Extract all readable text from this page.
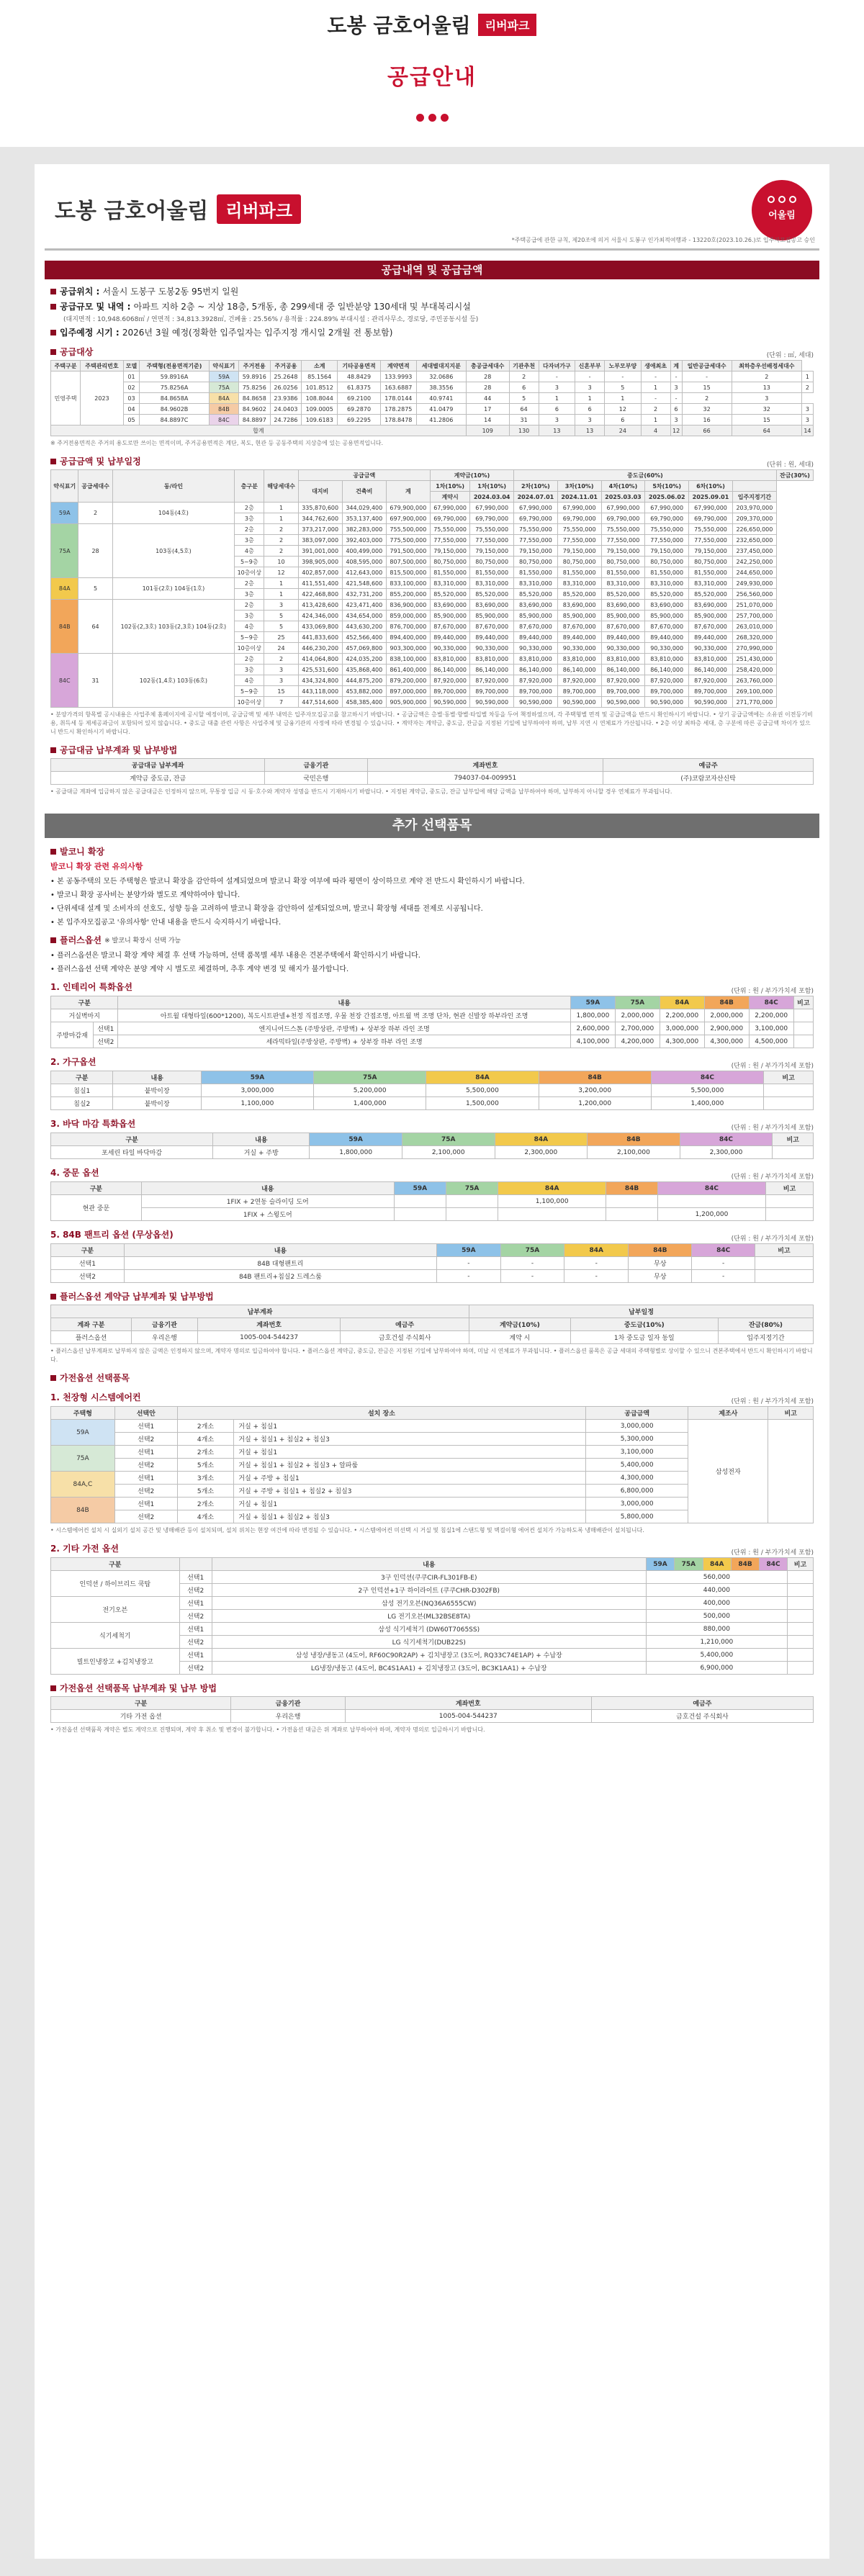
도봉 금호어울림	리버파크
공급안내
도봉 금호어울림	리버파크	어울림
*주택공급에 관한 규칙, 제20조에 의거 서울시 도봉구 인가최적여행과 - 13220호(2023.10.26.)로 입주자모집공고 승인
공급내역 및 공급금액
공급위치 : 서울시 도봉구 도봉2동 95번지 일원
공급규모 및 내역 : 아파트 지하 2층 ~ 지상 18층, 5개동, 총 299세대 중 일반분양 130세대 및 부대복리시설
(대지면적 : 10,948.6068㎡ / 연면적 : 34,813.3928㎡, 건폐율 : 25.56% / 용적률 : 224.89% 부대시설 : 관리사무소, 경로당, 주민공동시설 등)
입주예정 시기 : 2026년 3월 예정(정확한 입주일자는 입주지정 개시일 2개월 전 통보함)
공급대상	(단위 : ㎡, 세대)
주택구분	주택관리번호	모델	주택형(전용면적기준)	약식표기	주거전용	주거공용	소계	기타공용면적	계약면적	세대별대지지분	총공급세대수	기관추천	다자녀가구	신혼부부	노부모부양	생애최초	계	일반공급세대수	최하층우선배정세대수	
민영주택	2023	01	59.8916A	59A	59.8916	25.2648	85.1564	48.8429	133.9993	32.0686	28	2	-	-	-	-	-	-	2	1
		02	75.8256A	75A	75.8256	26.0256	101.8512	61.8375	163.6887	38.3556	28	6	3	3	5	1	3	15	13	2
		03	84.8658A	84A	84.8658	23.9386	108.8044	69.2100	178.0144	40.9741	44	5	1	1	1	-	-	2	3	
		04	84.9602B	84B	84.9602	24.0403	109.0005	69.2870	178.2875	41.0479	17	64	6	6	12	2	6	32	32	3
		05	84.8897C	84C	84.8897	24.7286	109.6183	69.2295	178.8478	41.2806	14	31	3	3	6	1	3	16	15	3
합계											109	130	13	13	24	4	12	66	64	14
※ 주거전용면적은 주거의 용도로만 쓰이는 면적이며, 주거공용면적은 계단, 복도, 현관 등 공동주택의 지상층에 있는 공용면적입니다.
공급금액 및 납부일정	(단위 : 원, 세대)
약식표기	공급세대수	동/라인	층구분	해당세대수	공급금액			계약금(10%)		중도금(60%)						잔금(30%)
					대지비	건축비	계	1차(10%)	1차(10%)	2차(10%)	3차(10%)	4차(10%)	5차(10%)	6차(10%)		
								계약시	2024.03.04	2024.07.01	2024.11.01	2025.03.03	2025.06.02	2025.09.01	입주지정기간	
59A	2	104동(4호)	2층	1	335,870,600	344,029,400	679,900,000	67,990,000	67,990,000	67,990,000	67,990,000	67,990,000	67,990,000	67,990,000	203,970,000	
			3층	1	344,762,600	353,137,400	697,900,000	69,790,000	69,790,000	69,790,000	69,790,000	69,790,000	69,790,000	69,790,000	209,370,000	
75A	28	103동(4,5호)	2층	2	373,217,000	382,283,000	755,500,000	75,550,000	75,550,000	75,550,000	75,550,000	75,550,000	75,550,000	75,550,000	226,650,000	
			3층	2	383,097,000	392,403,000	775,500,000	77,550,000	77,550,000	77,550,000	77,550,000	77,550,000	77,550,000	77,550,000	232,650,000	
			4층	2	391,001,000	400,499,000	791,500,000	79,150,000	79,150,000	79,150,000	79,150,000	79,150,000	79,150,000	79,150,000	237,450,000	
			5~9층	10	398,905,000	408,595,000	807,500,000	80,750,000	80,750,000	80,750,000	80,750,000	80,750,000	80,750,000	80,750,000	242,250,000	
			10층이상	12	402,857,000	412,643,000	815,500,000	81,550,000	81,550,000	81,550,000	81,550,000	81,550,000	81,550,000	81,550,000	244,650,000	
84A	5	101동(2호) 104동(1호)	2층	1	411,551,400	421,548,600	833,100,000	83,310,000	83,310,000	83,310,000	83,310,000	83,310,000	83,310,000	83,310,000	249,930,000	
			3층	1	422,468,800	432,731,200	855,200,000	85,520,000	85,520,000	85,520,000	85,520,000	85,520,000	85,520,000	85,520,000	256,560,000	
84B	64	102동(2,3호) 103동(2,3호) 104동(2호)	2층	3	413,428,600	423,471,400	836,900,000	83,690,000	83,690,000	83,690,000	83,690,000	83,690,000	83,690,000	83,690,000	251,070,000	
			3층	5	424,346,000	434,654,000	859,000,000	85,900,000	85,900,000	85,900,000	85,900,000	85,900,000	85,900,000	85,900,000	257,700,000	
			4층	5	433,069,800	443,630,200	876,700,000	87,670,000	87,670,000	87,670,000	87,670,000	87,670,000	87,670,000	87,670,000	263,010,000	
			5~9층	25	441,833,600	452,566,400	894,400,000	89,440,000	89,440,000	89,440,000	89,440,000	89,440,000	89,440,000	89,440,000	268,320,000	
			10층이상	24	446,230,200	457,069,800	903,300,000	90,330,000	90,330,000	90,330,000	90,330,000	90,330,000	90,330,000	90,330,000	270,990,000	
84C	31	102동(1,4호) 103동(6호)	2층	2	414,064,800	424,035,200	838,100,000	83,810,000	83,810,000	83,810,000	83,810,000	83,810,000	83,810,000	83,810,000	251,430,000	
			3층	3	425,531,600	435,868,400	861,400,000	86,140,000	86,140,000	86,140,000	86,140,000	86,140,000	86,140,000	86,140,000	258,420,000	
			4층	3	434,324,800	444,875,200	879,200,000	87,920,000	87,920,000	87,920,000	87,920,000	87,920,000	87,920,000	87,920,000	263,760,000	
			5~9층	15	443,118,000	453,882,000	897,000,000	89,700,000	89,700,000	89,700,000	89,700,000	89,700,000	89,700,000	89,700,000	269,100,000	
			10층이상	7	447,514,600	458,385,400	905,900,000	90,590,000	90,590,000	90,590,000	90,590,000	90,590,000	90,590,000	90,590,000	271,770,000	
• 분양가격의 항목별 공시내용은 사업주체 홈페이지에 공시할 예정이며, 공급금액 및 세부 내역은 입주자모집공고를 참고하시기 바랍니다. • 공급금액은 층별·동별·향별·타입별 차등을 두어 책정하였으며, 각 주택형별 면적 및 공급금액을 반드시 확인하시기 바랍니다. • 상기 공급금액에는 소유권 이전등기비용, 취득세 등 제세공과금이 포함되어 있지 않습니다. • 중도금 대출 관련 사항은 사업주체 및 금융기관의 사정에 따라 변경될 수 있습니다. • 계약자는 계약금, 중도금, 잔금을 지정된 기일에 납부하여야 하며, 납부 지연 시 연체료가 가산됩니다. • 2층 이상 최하층 세대, 층 구분에 따른 공급금액 차이가 있으니 반드시 확인하시기 바랍니다.
공급대금 납부계좌 및 납부방법
공급대금 납부계좌	금융기관	계좌번호	예금주
계약금 중도금, 잔금	국민은행	794037-04-009951	(주)코람코자산신탁
• 공급대금 계좌에 입금하지 않은 공급대금은 인정하지 않으며, 무통장 입금 시 동·호수와 계약자 성명을 반드시 기재하시기 바랍니다. • 지정된 계약금, 중도금, 잔금 납부일에 해당 금액을 납부하여야 하며, 납부하지 아니할 경우 연체료가 부과됩니다.
추가 선택품목
발코니 확장
발코니 확장 관련 유의사항
• 본 공동주택의 모든 주택형은 발코니 확장을 감안하여 설계되었으며 발코니 확장 여부에 따라 평면이 상이하므로 계약 전 반드시 확인하시기 바랍니다.
• 발코니 확장 공사비는 분양가와 별도로 계약하여야 합니다.
• 단위세대 설계 및 소비자의 선호도, 성향 등을 고려하여 발코니 확장을 감안하여 설계되었으며, 발코니 확장형 세대를 전제로 시공됩니다.
• 본 입주자모집공고 '유의사항' 안내 내용을 반드시 숙지하시기 바랍니다.
플러스옵션
※ 발코니 확장시 선택 가능
• 플러스옵션은 발코니 확장 계약 체결 후 선택 가능하며, 선택 품목별 세부 내용은 견본주택에서 확인하시기 바랍니다.
• 플러스옵션 선택 계약은 분양 계약 시 별도로 체결하며, 추후 계약 변경 및 해지가 불가합니다.
1. 인테리어 특화옵션	(단위 : 원 / 부가가치세 포함)
구분		내용	59A	75A	84A	84B	84C	비고
거실벽마지		아트월 대형타일(600*1200), 복도시트판넬+천정 직접조명, 우물 천장 간접조명, 아트월 벽 조명 단차, 현관 신발장 하부라인 조명	1,800,000	2,000,000	2,200,000	2,000,000	2,200,000	
주방마감재	선택1	엔지니어드스톤 (주방상판, 주방벽) + 상부장 하부 라인 조명	2,600,000	2,700,000	3,000,000	2,900,000	3,100,000	
	선택2	세라믹타일(주방상판, 주방벽) + 상부장 하부 라인 조명	4,100,000	4,200,000	4,300,000	4,300,000	4,500,000	
2. 가구옵션	(단위 : 원 / 부가가치세 포함)
구분	내용	59A	75A	84A	84B	84C	비고
침실1	붙박이장	3,000,000	5,200,000	5,500,000	3,200,000	5,500,000	
침실2	붙박이장	1,100,000	1,400,000	1,500,000	1,200,000	1,400,000	
3. 바닥 마감 특화옵션	(단위 : 원 / 부가가치세 포함)
구분	내용	59A	75A	84A	84B	84C	비고
포세린 타일 바닥마감	거실 + 주방	1,800,000	2,100,000	2,300,000	2,100,000	2,300,000	
4. 중문 옵션	(단위 : 원 / 부가가치세 포함)
구분	내용	59A	75A	84A	84B	84C	비고
현관 중문	1FIX + 2연동 슬라이딩 도어			1,100,000			
	1FIX + 스윙도어					1,200,000	
5. 84B 팬트리 옵션 (무상옵션)	(단위 : 원 / 부가가치세 포함)
구분	내용	59A	75A	84A	84B	84C	비고
선택1	84B 대형팬트리	-	-	-	무상	-	
선택2	84B 팬트리+침실2 드레스룸	-	-	-	무상	-	
플러스옵션 계약금 납부계좌 및 납부방법
납부계좌				납부일정		
계좌 구분	금융기관	계좌번호	예금주	계약금(10%)	중도금(10%)	잔금(80%)
플러스옵션	우리은행	1005-004-544237	금호건설 주식회사	계약 시	1차 중도금 일자 동일	입주지정기간
• 플러스옵션 납부계좌로 납부하지 않은 금액은 인정하지 않으며, 계약자 명의로 입금하여야 합니다. • 플러스옵션 계약금, 중도금, 잔금은 지정된 기일에 납부하여야 하며, 미납 시 연체료가 부과됩니다. • 플러스옵션 품목은 공급 세대의 주택형별로 상이할 수 있으니 견본주택에서 반드시 확인하시기 바랍니다.
가전옵션 선택품목
1. 천장형 시스템에어컨	(단위 : 원 / 부가가치세 포함)
주택형	선택안	설치 장소		공급금액	제조사	비고
59A	선택1	2개소	거실 + 침실1	3,000,000	삼성전자	
	선택2	4개소	거실 + 침실1 + 침실2 + 침실3	5,300,000		
75A	선택1	2개소	거실 + 침실1	3,100,000		
	선택2	5개소	거실 + 침실1 + 침실2 + 침실3 + 알파룸	5,400,000		
84A,C	선택1	3개소	거실 + 주방 + 침실1	4,300,000		
	선택2	5개소	거실 + 주방 + 침실1 + 침실2 + 침실3	6,800,000		
84B	선택1	2개소	거실 + 침실1	3,000,000		
	선택2	4개소	거실 + 침실1 + 침실2 + 침실3	5,800,000		
• 시스템에어컨 설치 시 실외기 설치 공간 및 냉매배관 등이 설치되며, 설치 위치는 현장 여건에 따라 변경될 수 있습니다. • 시스템에어컨 미선택 시 거실 및 침실1에 스탠드형 및 벽걸이형 에어컨 설치가 가능하도록 냉매배관이 설치됩니다.
2. 기타 가전 옵션	(단위 : 원 / 부가가치세 포함)
구분		내용	59A	75A	84A	84B	84C	비고
인덕션 / 하이브리드 쿡탑	선택1	3구 인덕션(쿠쿠CIR-FL301FB-E)	560,000					
	선택2	2구 인덕션+1구 하이라이트 (쿠쿠CHR-D302FB)	440,000					
전기오븐	선택1	삼성 전기오븐(NQ36A6555CW)	400,000					
	선택2	LG 전기오븐(ML32BSE8TA)	500,000					
식기세척기	선택1	삼성 식기세척기 (DW60T7065SS)	880,000					
	선택2	LG 식기세척기(DUB22S)	1,210,000					
빌트인냉장고 +김치냉장고	선택1	삼성 냉장/냉동고 (4도어, RF60C90R2AP) + 김치냉장고 (3도어, RQ33C74E1AP) + 수납장	5,400,000					
	선택2	LG냉장/냉동고 (4도어, BC4S1AA1) + 김치냉장고 (3도어, BC3K1AA1) + 수납장	6,900,000					
가전옵션 선택품목 납부계좌 및 납부 방법
구분	금융기관	계좌번호	예금주
기타 가전 옵션	우리은행	1005-004-544237	금호건설 주식회사
• 가전옵션 선택품목 계약은 별도 계약으로 진행되며, 계약 후 취소 및 변경이 불가합니다. • 가전옵션 대금은 위 계좌로 납부하여야 하며, 계약자 명의로 입금하시기 바랍니다.
